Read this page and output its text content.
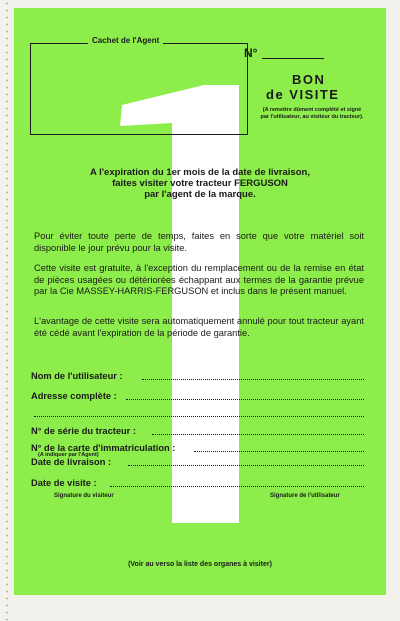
Cachet de l'Agent
N°
BON
de VISITE
(A remettre dûment complété et signé
par l'utilisateur, au visiteur du tracteur).
A l'expiration du 1er mois de la date de livraison,
faites visiter votre tracteur FERGUSON
par l'agent de la marque.
Pour éviter toute perte de temps, faites en sorte que votre matériel soit disponible le jour prévu pour la visite.
Cette visite est gratuite, à l'exception du remplacement ou de la remise en état de pièces usagées ou détériorées échappant aux termes de la garantie prévue par la Cie MASSEY-HARRIS-FERGUSON et inclus dans le présent manuel.
L'avantage de cette visite sera automatiquement annulé pour tout tracteur ayant été cédé avant l'expiration de la période de garantie.
Nom de l'utilisateur :
Adresse complète :
N° de série du tracteur :
N° de la carte d'immatriculation :
(A indiquer par l'Agent)
Date de livraison :
Date de visite :
Signature du visiteur	Signature de l'utilisateur
(Voir au verso la liste des organes à visiter)
